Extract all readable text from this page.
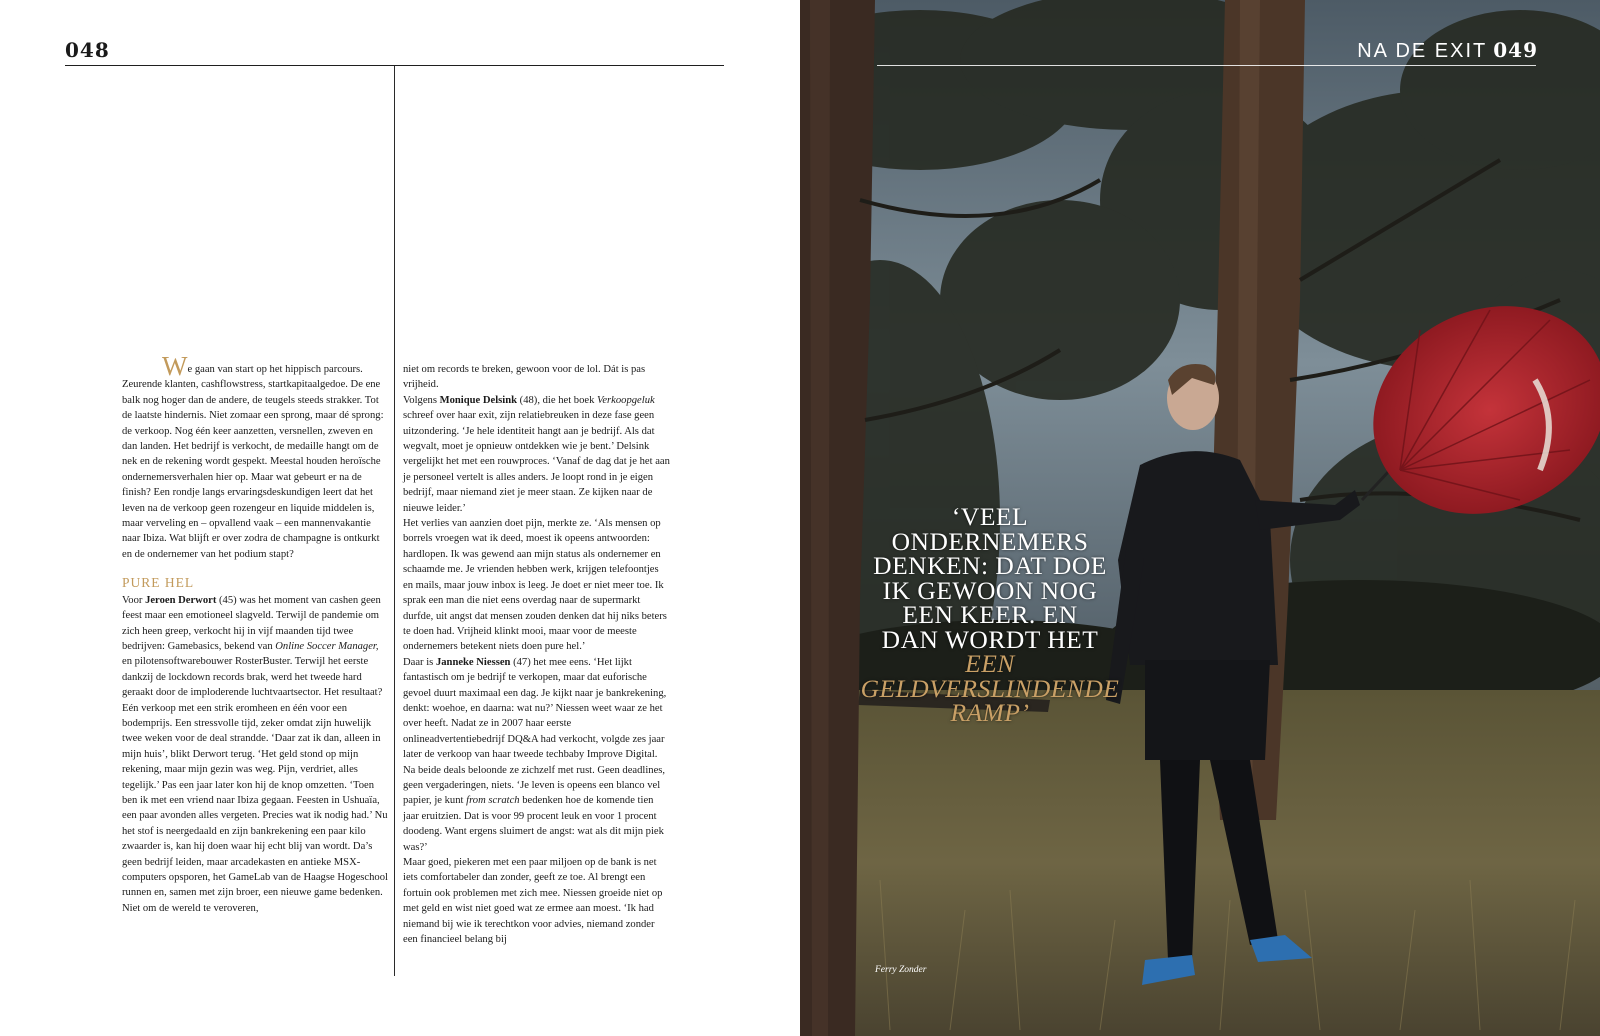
048

We gaan van start op het hippisch parcours. Zeurende klanten, cashflowstress, startkapitaalgedoe. De ene balk nog hoger dan de andere, de teugels steeds strakker. Tot de laatste hindernis. Niet zomaar een sprong, maar dé sprong: de verkoop. Nog één keer aanzetten, versnellen, zweven en dan landen. Het bedrijf is verkocht, de medaille hangt om de nek en de rekening wordt gespekt. Meestal houden heroïsche ondernemersverhalen hier op. Maar wat gebeurt er na de finish? Een rondje langs ervaringsdeskundigen leert dat het leven na de verkoop geen rozengeur en liquide middelen is, maar verveling en – opvallend vaak – een mannenvakantie naar Ibiza. Wat blijft er over zodra de champagne is ontkurkt en de ondernemer van het podium stapt?

PURE HEL

Voor Jeroen Derwort (45) was het moment van cashen geen feest maar een emotioneel slagveld. Terwijl de pandemie om zich heen greep, verkocht hij in vijf maanden tijd twee bedrijven: Gamebasics, bekend van Online Soccer Manager, en pilotensoftwarebouwer RosterBuster. Terwijl het eerste dankzij de lockdown records brak, werd het tweede hard geraakt door de imploderende luchtvaartsector. Het resultaat? Eén verkoop met een strik eromheen en één voor een bodemprijs. Een stressvolle tijd, zeker omdat zijn huwelijk twee weken voor de deal strandde. ‘Daar zat ik dan, alleen in mijn huis’, blikt Derwort terug. ‘Het geld stond op mijn rekening, maar mijn gezin was weg. Pijn, verdriet, alles tegelijk.’ Pas een jaar later kon hij de knop omzetten. ‘Toen ben ik met een vriend naar Ibiza gegaan. Feesten in Ushuaïa, een paar avonden alles vergeten. Precies wat ik nodig had.’ Nu het stof is neergedaald en zijn bankrekening een paar kilo zwaarder is, kan hij doen waar hij echt blij van wordt. Da’s geen bedrijf leiden, maar arcadekasten en antieke MSX-computers opsporen, het GameLab van de Haagse Hogeschool runnen en, samen met zijn broer, een nieuwe game bedenken. Niet om de wereld te veroveren,

niet om records te breken, gewoon voor de lol. Dát is pas vrijheid.

Volgens Monique Delsink (48), die het boek Verkoopgeluk schreef over haar exit, zijn relatiebreuken in deze fase geen uitzondering. ‘Je hele identiteit hangt aan je bedrijf. Als dat wegvalt, moet je opnieuw ontdekken wie je bent.’ Delsink vergelijkt het met een rouwproces. ‘Vanaf de dag dat je het aan je personeel vertelt is alles anders. Je loopt rond in je eigen bedrijf, maar niemand ziet je meer staan. Ze kijken naar de nieuwe leider.’

Het verlies van aanzien doet pijn, merkte ze. ‘Als mensen op borrels vroegen wat ik deed, moest ik opeens antwoorden: hardlopen. Ik was gewend aan mijn status als ondernemer en schaamde me. Je vrienden hebben werk, krijgen telefoontjes en mails, maar jouw inbox is leeg. Je doet er niet meer toe. Ik sprak een man die niet eens overdag naar de supermarkt durfde, uit angst dat mensen zouden denken dat hij niks beters te doen had. Vrijheid klinkt mooi, maar voor de meeste ondernemers betekent niets doen pure hel.’

Daar is Janneke Niessen (47) het mee eens. ‘Het lijkt fantastisch om je bedrijf te verkopen, maar dat euforische gevoel duurt maximaal een dag. Je kijkt naar je bankrekening, denkt: woehoe, en daarna: wat nu?’ Niessen weet waar ze het over heeft. Nadat ze in 2007 haar eerste onlineadvertentiebedrijf DQ&A had verkocht, volgde zes jaar later de verkoop van haar tweede techbaby Improve Digital. Na beide deals beloonde ze zichzelf met rust. Geen deadlines, geen vergaderingen, niets. ‘Je leven is opeens een blanco vel papier, je kunt from scratch bedenken hoe de komende tien jaar eruitzien. Dat is voor 99 procent leuk en voor 1 procent doodeng. Want ergens sluimert de angst: wat als dit mijn piek was?’

Maar goed, piekeren met een paar miljoen op de bank is net iets comfortabeler dan zonder, geeft ze toe. Al brengt een fortuin ook problemen met zich mee. Niessen groeide niet op met geld en wist niet goed wat ze ermee aan moest. ‘Ik had niemand bij wie ik terechtkon voor advies, niemand zonder een financieel belang bij

NA DE EXIT 049
‘VEEL
ONDERNEMERS
DENKEN: DAT DOE
IK GEWOON NOG
EEN KEER. EN
DAN WORDT HET
EEN GELDVERSLINDENDE
RAMP’
Ferry Zonder
